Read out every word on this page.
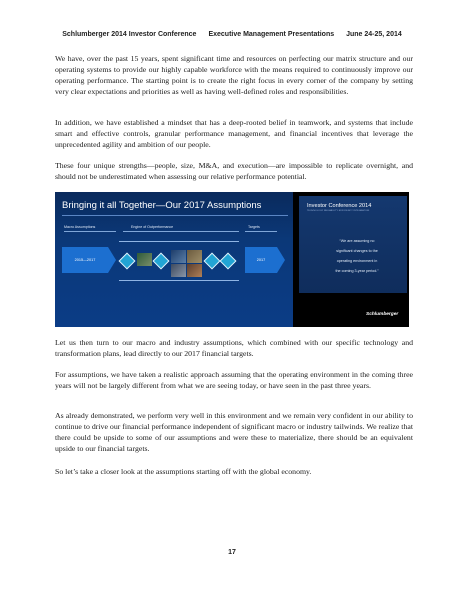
Schlumberger 2014 Investor Conference Executive Management Presentations June 24-25, 2014

We have, over the past 15 years, spent significant time and resources on perfecting our matrix structure and our operating systems to provide our highly capable workforce with the means required to continuously improve our operating performance. The starting point is to create the right focus in every corner of the company by setting very clear expectations and priorities as well as having well-defined roles and responsibilities.

In addition, we have established a mindset that has a deep-rooted belief in teamwork, and systems that include smart and effective controls, granular performance management, and financial incentives that leverage the unprecedented agility and ambition of our people.

These four unique strengths—people, size, M&A, and execution—are impossible to replicate overnight, and should not be underestimated when assessing our relative performance potential.

Bringing it all Together—Our 2017 Assumptions
Macro Assumptions	Engine of Outperformance	Targets
2015—2017	2017
Investor Conference 2014
TECHNOLOGY RELIABILITY EFFICIENCY INTEGRATION
“We are assuming no
significant changes to the
operating environment in
the coming 3-year period.”
Schlumberger

Let us then turn to our macro and industry assumptions, which combined with our specific technology and transformation plans, lead directly to our 2017 financial targets.

For assumptions, we have taken a realistic approach assuming that the operating environment in the coming three years will not be largely different from what we are seeing today, or have seen in the past three years.

As already demonstrated, we perform very well in this environment and we remain very confident in our ability to continue to drive our financial performance independent of significant macro or industry tailwinds. We realize that there could be upside to some of our assumptions and were these to materialize, there should be an equivalent upside to our financial targets.

So let’s take a closer look at the assumptions starting off with the global economy.

17
